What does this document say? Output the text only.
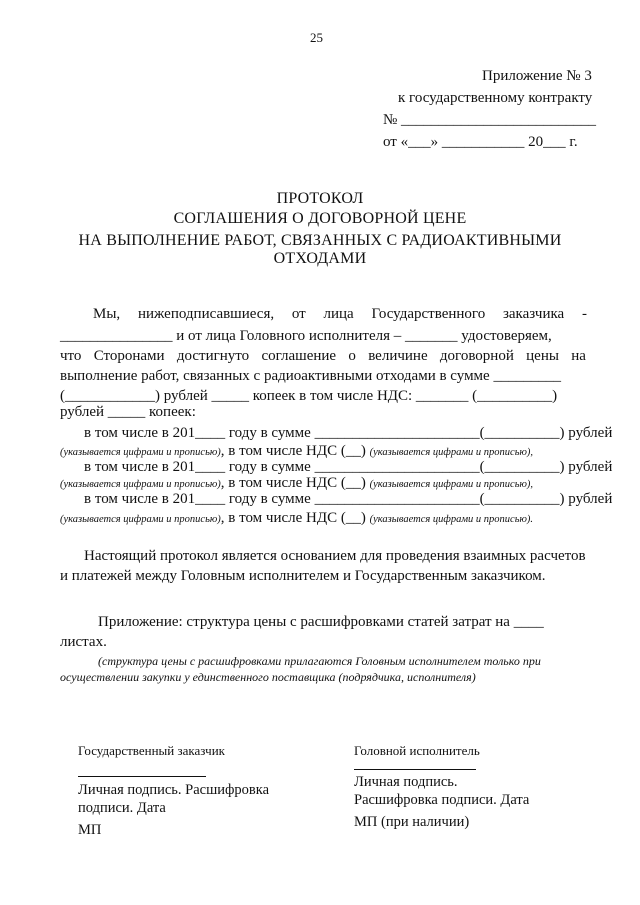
25
Приложение № 3
к государственному контракту
№ __________________________
от «___» ___________ 20___ г.
ПРОТОКОЛ
СОГЛАШЕНИЯ О ДОГОВОРНОЙ ЦЕНЕ
НА ВЫПОЛНЕНИЕ РАБОТ, СВЯЗАННЫХ С РАДИОАКТИВНЫМИ
ОТХОДАМИ
Мы, нижеподписавшиеся, от лица Государственного заказчика -
_______________ и от лица Головного исполнителя – _______ удостоверяем,
что Сторонами достигнуто соглашение о величине договорной цены на
выполнение работ, связанных с радиоактивными отходами в сумме _________
(____________) рублей _____ копеек в том числе НДС: _______ (__________)
рублей _____ копеек:
в том числе в 201____ году в сумме ______________________(__________) рублей
(указывается цифрами и прописью), в том числе НДС (__) (указывается цифрами и прописью),
в том числе в 201____ году в сумме ______________________(__________) рублей
(указывается цифрами и прописью), в том числе НДС (__) (указывается цифрами и прописью),
в том числе в 201____ году в сумме ______________________(__________) рублей
(указывается цифрами и прописью), в том числе НДС (__) (указывается цифрами и прописью).
Настоящий протокол является основанием для проведения взаимных расчетов
и платежей между Головным исполнителем и Государственным заказчиком.
Приложение: структура цены с расшифровками статей затрат на ____
листах.
(структура цены с расшифровками прилагаются Головным исполнителем только при
осуществлении закупки у единственного поставщика (подрядчика, исполнителя)
Государственный заказчик
Личная подпись. Расшифровка
подписи. Дата
МП
Головной исполнитель
Личная подпись.
Расшифровка подписи. Дата
МП (при наличии)
